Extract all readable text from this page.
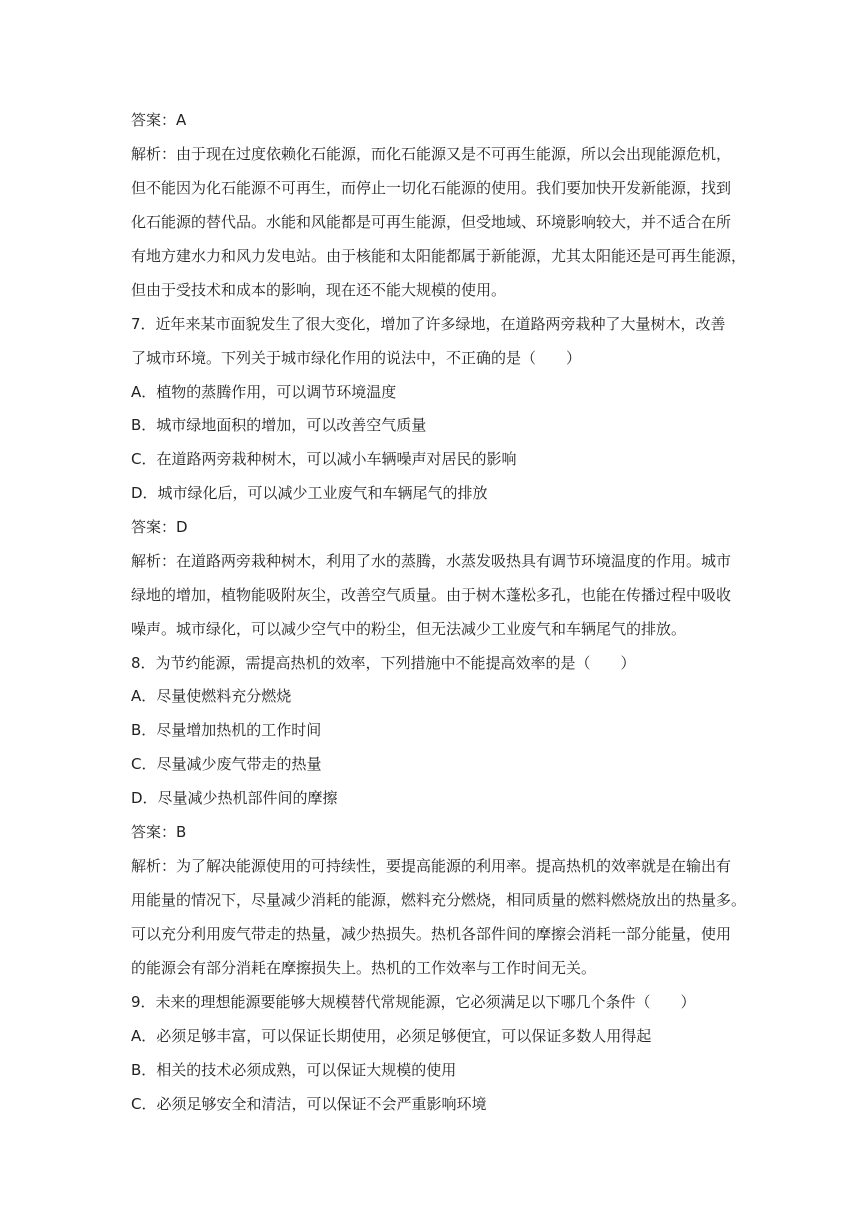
答案：A
解析：由于现在过度依赖化石能源，而化石能源又是不可再生能源，所以会出现能源危机，
但不能因为化石能源不可再生，而停止一切化石能源的使用。我们要加快开发新能源，找到
化石能源的替代品。水能和风能都是可再生能源，但受地域、环境影响较大，并不适合在所
有地方建水力和风力发电站。由于核能和太阳能都属于新能源，尤其太阳能还是可再生能源，
但由于受技术和成本的影响，现在还不能大规模的使用。
7．近年来某市面貌发生了很大变化，增加了许多绿地，在道路两旁栽种了大量树木，改善
了城市环境。下列关于城市绿化作用的说法中，不正确的是（　　）
A．植物的蒸腾作用，可以调节环境温度
B．城市绿地面积的增加，可以改善空气质量
C．在道路两旁栽种树木，可以减小车辆噪声对居民的影响
D．城市绿化后，可以减少工业废气和车辆尾气的排放
答案：D
解析：在道路两旁栽种树木，利用了水的蒸腾，水蒸发吸热具有调节环境温度的作用。城市
绿地的增加，植物能吸附灰尘，改善空气质量。由于树木蓬松多孔，也能在传播过程中吸收
噪声。城市绿化，可以减少空气中的粉尘，但无法减少工业废气和车辆尾气的排放。
8．为节约能源，需提高热机的效率，下列措施中不能提高效率的是（　　）
A．尽量使燃料充分燃烧
B．尽量增加热机的工作时间
C．尽量减少废气带走的热量
D．尽量减少热机部件间的摩擦
答案：B
解析：为了解决能源使用的可持续性，要提高能源的利用率。提高热机的效率就是在输出有
用能量的情况下，尽量减少消耗的能源，燃料充分燃烧，相同质量的燃料燃烧放出的热量多。
可以充分利用废气带走的热量，减少热损失。热机各部件间的摩擦会消耗一部分能量，使用
的能源会有部分消耗在摩擦损失上。热机的工作效率与工作时间无关。
9．未来的理想能源要能够大规模替代常规能源，它必须满足以下哪几个条件（　　）
A．必须足够丰富，可以保证长期使用，必须足够便宜，可以保证多数人用得起
B．相关的技术必须成熟，可以保证大规模的使用
C．必须足够安全和清洁，可以保证不会严重影响环境
